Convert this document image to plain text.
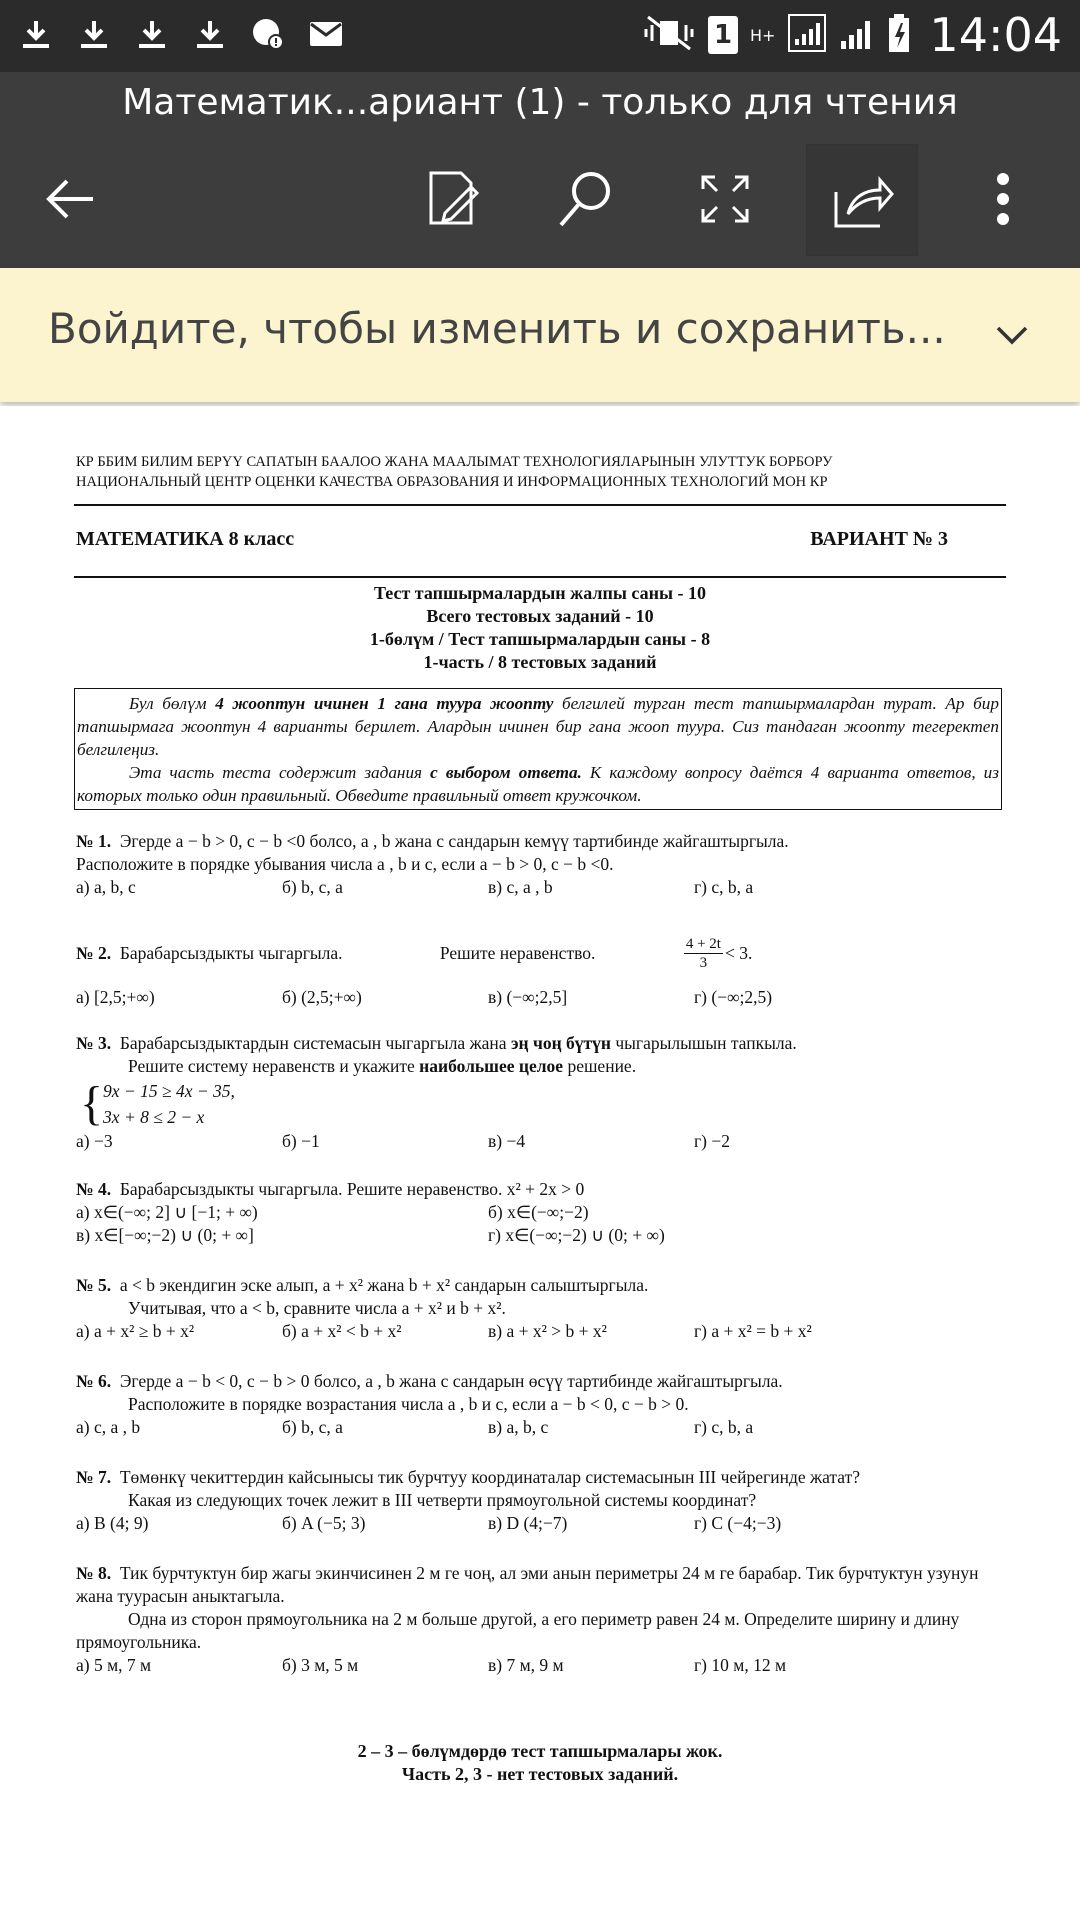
1	H+	14:04
Математик...ариант (1) - только для чтения
Войдите, чтобы изменить и сохранить...
КР ББИМ БИЛИМ БЕРҮҮ САПАТЫН БААЛОО ЖАНА МААЛЫМАТ ТЕХНОЛОГИЯЛАРЫНЫН УЛУТТУК БОРБОРУ
НАЦИОНАЛЬНЫЙ ЦЕНТР ОЦЕНКИ КАЧЕСТВА ОБРАЗОВАНИЯ И ИНФОРМАЦИОННЫХ ТЕХНОЛОГИЙ МОН КР
МАТЕМАТИКА 8 класс	ВАРИАНТ № 3
Тест тапшырмалардын жалпы саны - 10
Всего тестовых заданий - 10
1-бөлүм / Тест тапшырмалардын саны - 8
1-часть / 8 тестовых заданий

Бул бөлүм 4 жооптун ичинен 1 гана туура жоопту белгилей турган тест тапшырмалардан турат. Ар бир тапшырмага жооптун 4 варианты берилет. Алардын ичинен бир гана жооп туура. Сиз тандаган жоопту тегеректеп белгилеңиз.

Эта часть теста содержит задания с выбором ответа. К каждому вопросу даётся 4 варианта ответов, из которых только один правильный. Обведите правильный ответ кружочком.

№ 1. Эгерде a − b > 0, c − b <0 болсо, a , b жана c сандарын кемүү тартибинде жайгаштыргыла.

Расположите в порядке убывания числа a , b и c, если a − b > 0, c − b <0.

а) a, b, c	б) b, c, a	в) c, a , b	г) c, b, a
№ 2.
Барабарсыздыкты чыгаргыла.	Решите неравенство.	4 + 2t
3 < 3.
а) [2,5;+∞)	б) (2,5;+∞)	в) (−∞;2,5]	г) (−∞;2,5)

№ 3. Барабарсыздыктардын системасын чыгаргыла жана эң чоң бүтүн чыгарылышын тапкыла.

Решите систему неравенств и укажите наибольшее целое решение.

{ 9x − 15 ≥ 4x − 35,
3x + 8 ≤ 2 − x
а) −3	б) −1	в) −4	г) −2

№ 4. Барабарсыздыкты чыгаргыла. Решите неравенство. x² + 2x > 0

а) x∈(−∞; 2] ∪ [−1; + ∞)	б) x∈(−∞;−2)
в) x∈[−∞;−2) ∪ (0; + ∞]	г) x∈(−∞;−2) ∪ (0; + ∞)

№ 5. a < b экендигин эске алып, a + x² жана b + x² сандарын салыштыргыла.

Учитывая, что a < b, сравните числа a + x² и b + x².

а) a + x² ≥ b + x²	б) a + x² < b + x²	в) a + x² > b + x²	г) a + x² = b + x²

№ 6. Эгерде a − b < 0, c − b > 0 болсо, a , b жана c сандарын өсүү тартибинде жайгаштыргыла.

Расположите в порядке возрастания числа a , b и c, если a − b < 0, c − b > 0.

а) c, a , b	б) b, c, a	в) a, b, c	г) c, b, a

№ 7. Төмөнкү чекиттердин кайсынысы тик бурчтуу координаталар системасынын III чейрегинде жатат?

Какая из следующих точек лежит в III четверти прямоугольной системы координат?

а) B (4; 9)	б) A (−5; 3)	в) D (4;−7)	г) C (−4;−3)

№ 8. Тик бурчтуктун бир жагы экинчисинен 2 м ге чоң, ал эми анын периметры 24 м ге барабар. Тик бурчтуктун узунун жана туурасын аныктагыла.

Одна из сторон прямоугольника на 2 м больше другой, а его периметр равен 24 м. Определите ширину и длину прямоугольника.

а) 5 м, 7 м	б) 3 м, 5 м	в) 7 м, 9 м	г) 10 м, 12 м
2 – 3 – бөлүмдөрдө тест тапшырмалары жок.
Часть 2, 3 - нет тестовых заданий.
